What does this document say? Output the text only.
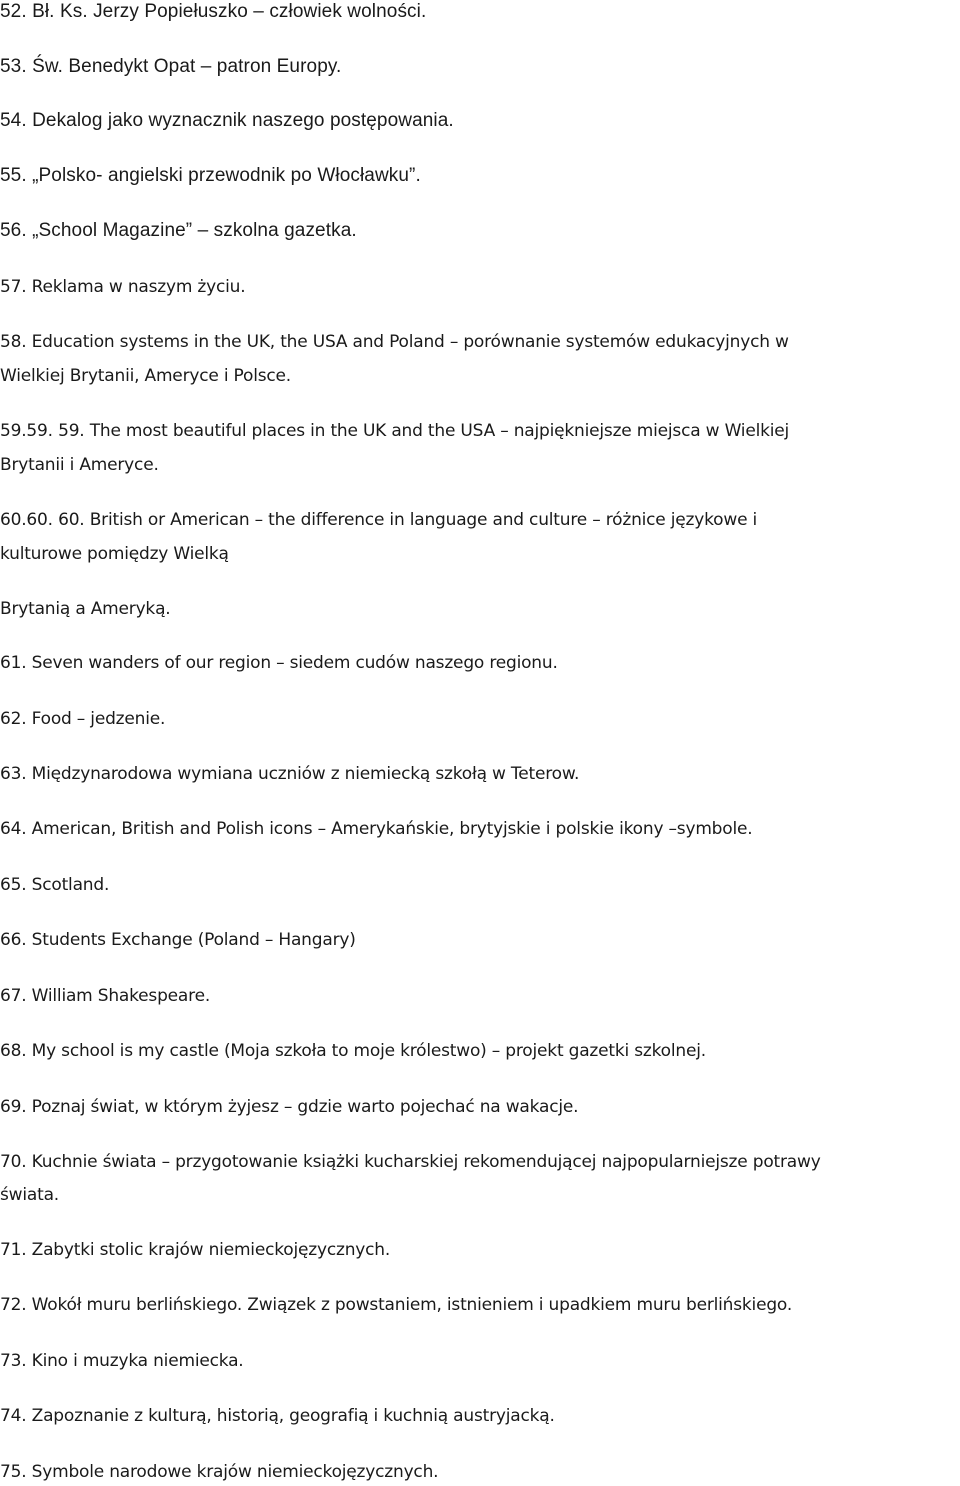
52. Bł. Ks. Jerzy Popiełuszko – człowiek wolności.
53. Św. Benedykt Opat – patron Europy.
54. Dekalog jako wyznacznik naszego postępowania.
55. „Polsko- angielski przewodnik po Włocławku”.
56. „School Magazine” – szkolna gazetka.
57. Reklama w naszym życiu.
58. Education systems in the UK, the USA and Poland – porównanie systemów edukacyjnych w
Wielkiej Brytanii, Ameryce i Polsce.
59.59. 59. The most beautiful places in the UK and the USA – najpiękniejsze miejsca w Wielkiej
Brytanii i Ameryce.
60.60. 60. British or American – the difference in language and culture – różnice językowe i
kulturowe pomiędzy Wielką
Brytanią a Ameryką.
61. Seven wanders of our region – siedem cudów naszego regionu.
62. Food – jedzenie.
63. Międzynarodowa wymiana uczniów z niemiecką szkołą w Teterow.
64. American, British and Polish icons – Amerykańskie, brytyjskie i polskie ikony –symbole.
65. Scotland.
66. Students Exchange (Poland – Hangary)
67. William Shakespeare.
68. My school is my castle (Moja szkoła to moje królestwo) – projekt gazetki szkolnej.
69. Poznaj świat, w którym żyjesz – gdzie warto pojechać na wakacje.
70. Kuchnie świata – przygotowanie książki kucharskiej rekomendującej najpopularniejsze potrawy
świata.
71. Zabytki stolic krajów niemieckojęzycznych.
72. Wokół muru berlińskiego. Związek z powstaniem, istnieniem i upadkiem muru berlińskiego.
73. Kino i muzyka niemiecka.
74. Zapoznanie z kulturą, historią, geografią i kuchnią austryjacką.
75. Symbole narodowe krajów niemieckojęzycznych.
